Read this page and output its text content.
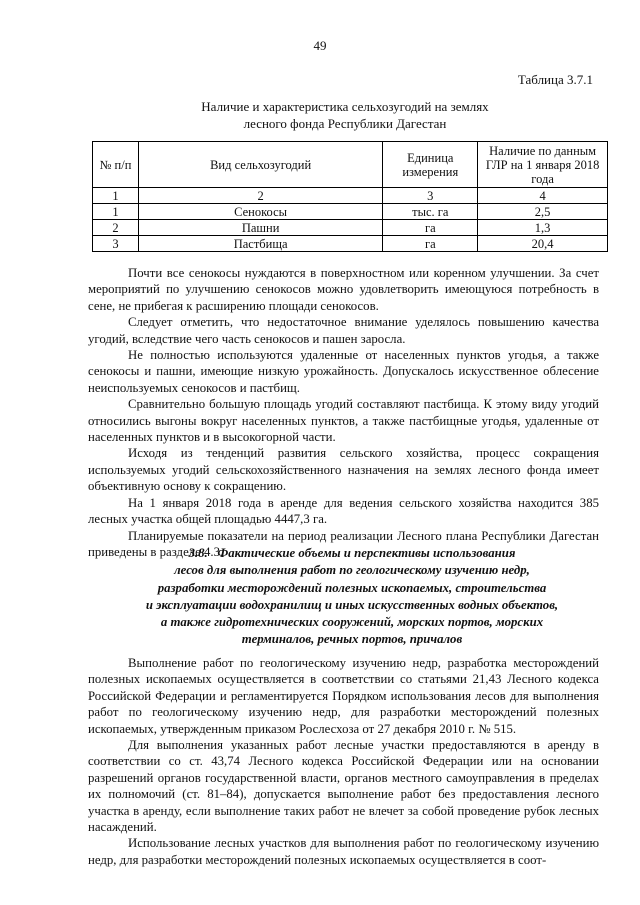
49
Таблица 3.7.1
Наличие и характеристика сельхозугодий на землях
лесного фонда Республики Дагестан
№ п/п	Вид сельхозугодий	Единица измерения	Наличие по данным ГЛР на 1 января 2018 года
1	2	3	4
1	Сенокосы	тыс. га	2,5
2	Пашни	га	1,3
3	Пастбища	га	20,4

Почти все сенокосы нуждаются в поверхностном или коренном улучшении. За счет мероприятий по улучшению сенокосов можно удовлетворить имеющуюся потребность в сене, не прибегая к расширению площади сенокосов.

Следует отметить, что недостаточное внимание уделялось повышению качества угодий, вследствие чего часть сенокосов и пашен заросла.

Не полностью используются удаленные от населенных пунктов угодья, а также сенокосы и пашни, имеющие низкую урожайность. Допускалось искусственное облесение неиспользуемых сенокосов и пастбищ.

Сравнительно большую площадь угодий составляют пастбища. К этому виду угодий относились выгоны вокруг населенных пунктов, а также пастбищные угодья, удаленные от населенных пунктов и в высокогорной части.

Исходя из тенденций развития сельского хозяйства, процесс сокращения используемых угодий сельскохозяйственного назначения на землях лесного фонда имеет объективную основу к сокращению.

На 1 января 2018 года в аренде для ведения сельского хозяйства находится 385 лесных участка общей площадью 4447,3 га.

Планируемые показатели на период реализации Лесного плана Республики Дагестан приведены в разделе 4.3.

3.8.   Фактические объемы и перспективы использования
лесов для выполнения работ по геологическому изучению недр,
разработки месторождений полезных ископаемых, строительства
и эксплуатации водохранилищ и иных искусственных водных объектов,
а также гидротехнических сооружений, морских портов, морских
терминалов, речных портов, причалов

Выполнение работ по геологическому изучению недр, разработка месторождений полезных ископаемых осуществляется в соответствии со статьями 21,43 Лесного кодекса Российской Федерации и регламентируется Порядком использования лесов для выполнения работ по геологическому изучению недр, для разработки месторождений полезных ископаемых, утвержденным приказом Рослесхоза от 27 декабря 2010 г. № 515.

Для выполнения указанных работ лесные участки предоставляются в аренду в соответствии со ст. 43,74 Лесного кодекса Российской Федерации или на основании разрешений органов государственной власти, органов местного самоуправления в пределах их полномочий (ст. 81–84), допускается выполнение работ без предоставления лесного участка в аренду, если выполнение таких работ не влечет за собой проведение рубок лесных насаждений.

Использование лесных участков для выполнения работ по геологическому изучению недр, для разработки месторождений полезных ископаемых осуществляется в соот-
